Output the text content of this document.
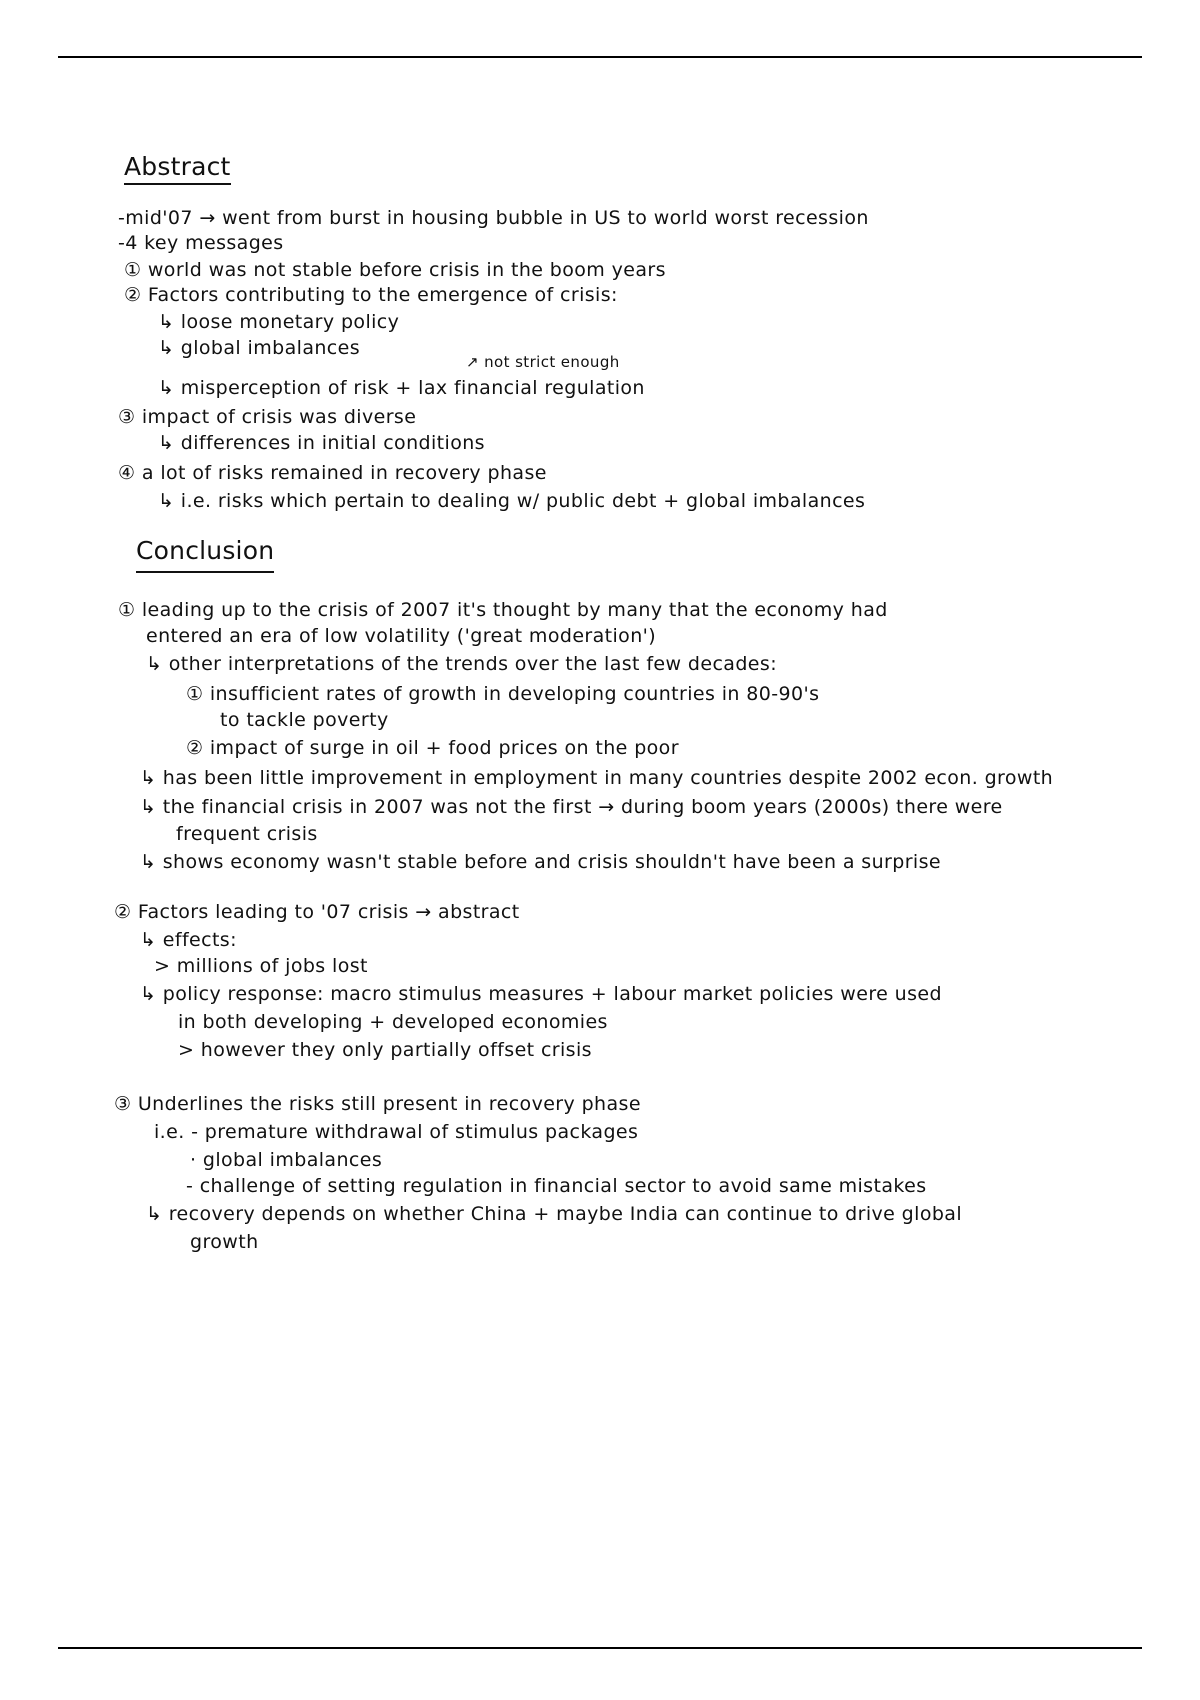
Abstract
-mid'07 → went from burst in housing bubble in US to world worst recession
-4 key messages
① world was not stable before crisis in the boom years
② Factors contributing to the emergence of crisis:
↳ loose monetary policy
↳ global imbalances
↗ not strict enough
↳ misperception of risk + lax financial regulation
③ impact of crisis was diverse
↳ differences in initial conditions
④ a lot of risks remained in recovery phase
↳ i.e. risks which pertain to dealing w/ public debt + global imbalances
Conclusion
① leading up to the crisis of 2007 it's thought by many that the economy had
entered an era of low volatility ('great moderation')
↳ other interpretations of the trends over the last few decades:
① insufficient rates of growth in developing countries in 80-90's
to tackle poverty
② impact of surge in oil + food prices on the poor
↳ has been little improvement in employment in many countries despite 2002 econ. growth
↳ the financial crisis in 2007 was not the first → during boom years (2000s) there were
frequent crisis
↳ shows economy wasn't stable before and crisis shouldn't have been a surprise
② Factors leading to '07 crisis → abstract
↳ effects:
> millions of jobs lost
↳ policy response: macro stimulus measures + labour market policies were used
in both developing + developed economies
> however they only partially offset crisis
③ Underlines the risks still present in recovery phase
i.e. - premature withdrawal of stimulus packages
· global imbalances
- challenge of setting regulation in financial sector to avoid same mistakes
↳ recovery depends on whether China + maybe India can continue to drive global
growth
